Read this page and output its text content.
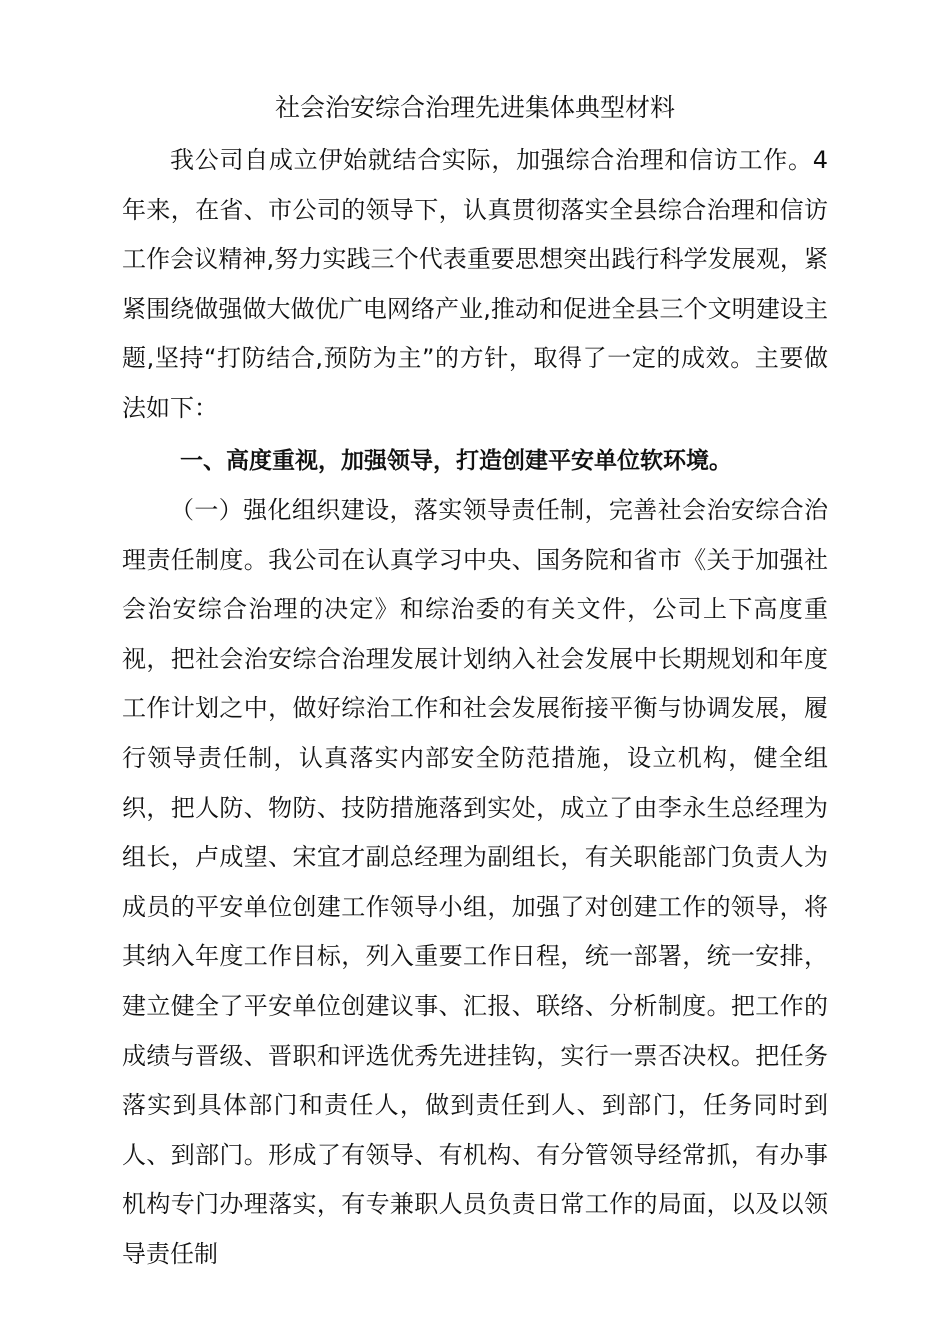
社会治安综合治理先进集体典型材料

我公司自成立伊始就结合实际，加强综合治理和信访工作。4年来，在省、市公司的领导下，认真贯彻落实全县综合治理和信访工作会议精神,努力实践三个代表重要思想突出践行科学发展观，紧紧围绕做强做大做优广电网络产业,推动和促进全县三个文明建设主题,坚持“打防结合,预防为主”的方针，取得了一定的成效。主要做法如下：

一、高度重视，加强领导，打造创建平安单位软环境。

（一）强化组织建设，落实领导责任制，完善社会治安综合治理责任制度。我公司在认真学习中央、国务院和省市《关于加强社会治安综合治理的决定》和综治委的有关文件，公司上下高度重视，把社会治安综合治理发展计划纳入社会发展中长期规划和年度工作计划之中，做好综治工作和社会发展衔接平衡与协调发展，履行领导责任制，认真落实内部安全防范措施，设立机构，健全组织，把人防、物防、技防措施落到实处，成立了由李永生总经理为组长，卢成望、宋宜才副总经理为副组长，有关职能部门负责人为成员的平安单位创建工作领导小组，加强了对创建工作的领导，将其纳入年度工作目标，列入重要工作日程，统一部署，统一安排，建立健全了平安单位创建议事、汇报、联络、分析制度。把工作的成绩与晋级、晋职和评选优秀先进挂钩，实行一票否决权。把任务落实到具体部门和责任人，做到责任到人、到部门，任务同时到人、到部门。形成了有领导、有机构、有分管领导经常抓，有办事机构专门办理落实，有专兼职人员负责日常工作的局面，以及以领导责任制
